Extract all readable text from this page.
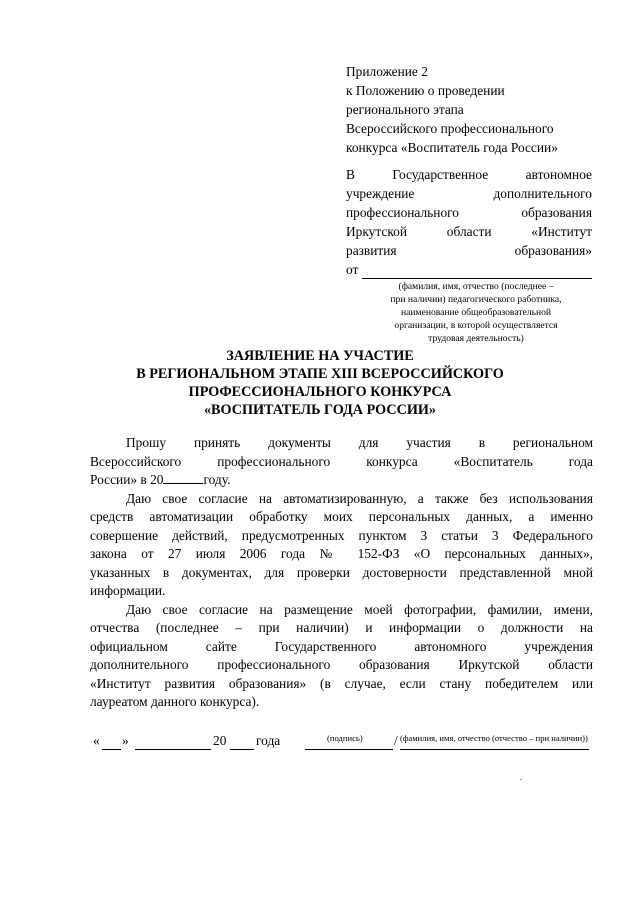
Приложение 2
к Положению о проведении
регионального этапа
Всероссийского профессионального
конкурса «Воспитатель года России»
В Государственное автономное
учреждение дополнительного
профессионального образования
Иркутской области «Институт
развития образования»
от
(фамилия, имя, отчество (последнее –
при наличии) педагогического работника,
наименование общеобразовательной
организации, в которой осуществляется
трудовая деятельность)
ЗАЯВЛЕНИЕ НА УЧАСТИЕ
В РЕГИОНАЛЬНОМ ЭТАПЕ XIII ВСЕРОССИЙСКОГО
ПРОФЕССИОНАЛЬНОГО КОНКУРСА
«ВОСПИТАТЕЛЬ ГОДА РОССИИ»
Прошу принять документы для участия в региональном
Всероссийского профессионального конкурса «Воспитатель года
России» в 20	году.
Даю свое согласие на автоматизированную, а также без использования
средств автоматизации обработку моих персональных данных, а именно
совершение действий, предусмотренных пунктом 3 статьи 3 Федерального
закона от 27 июля 2006 года № 152-ФЗ «О персональных данных»,
указанных в документах, для проверки достоверности представленной мной
информации.
Даю свое согласие на размещение моей фотографии, фамилии, имени,
отчества (последнее – при наличии) и информации о должности на
официальном сайте Государственного автономного учреждения
дополнительного профессионального образования Иркутской области
«Институт развития образования» (в случае, если стану победителем или
лауреатом данного конкурса).
« »	20 года	/
(подпись)	(фамилия, имя, отчество (отчество – при наличии))
